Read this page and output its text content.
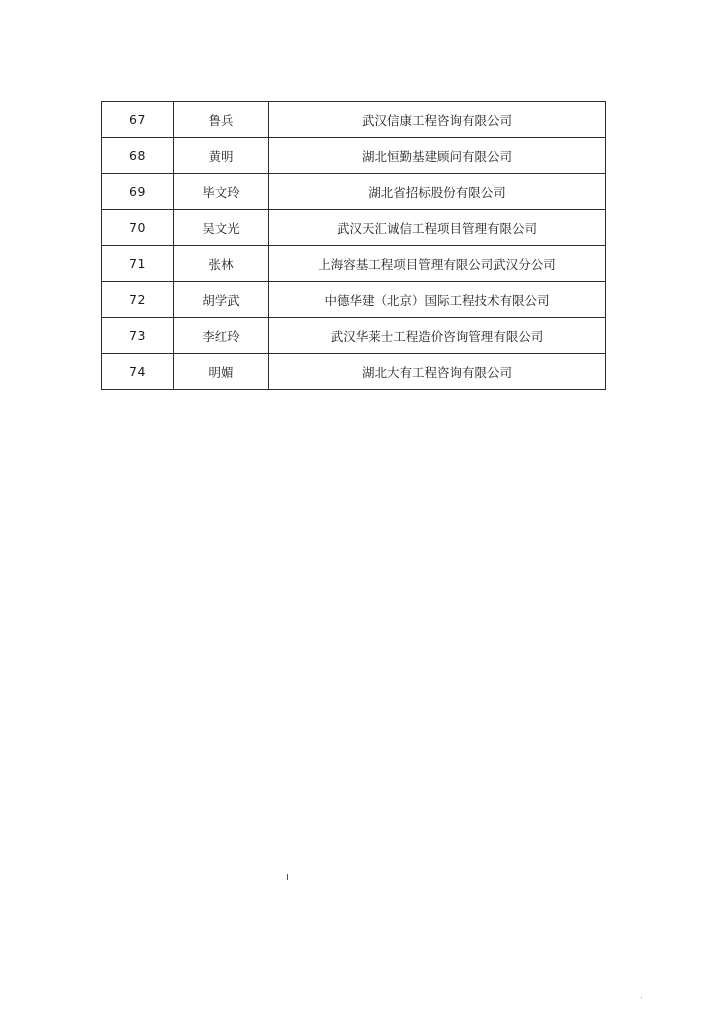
67	鲁兵	武汉信康工程咨询有限公司
68	黄明	湖北恒勤基建顾问有限公司
69	毕文玲	湖北省招标股份有限公司
70	吴文光	武汉天汇诚信工程项目管理有限公司
71	张林	上海容基工程项目管理有限公司武汉分公司
72	胡学武	中德华建（北京）国际工程技术有限公司
73	李红玲	武汉华莱士工程造价咨询管理有限公司
74	明媚	湖北大有工程咨询有限公司
